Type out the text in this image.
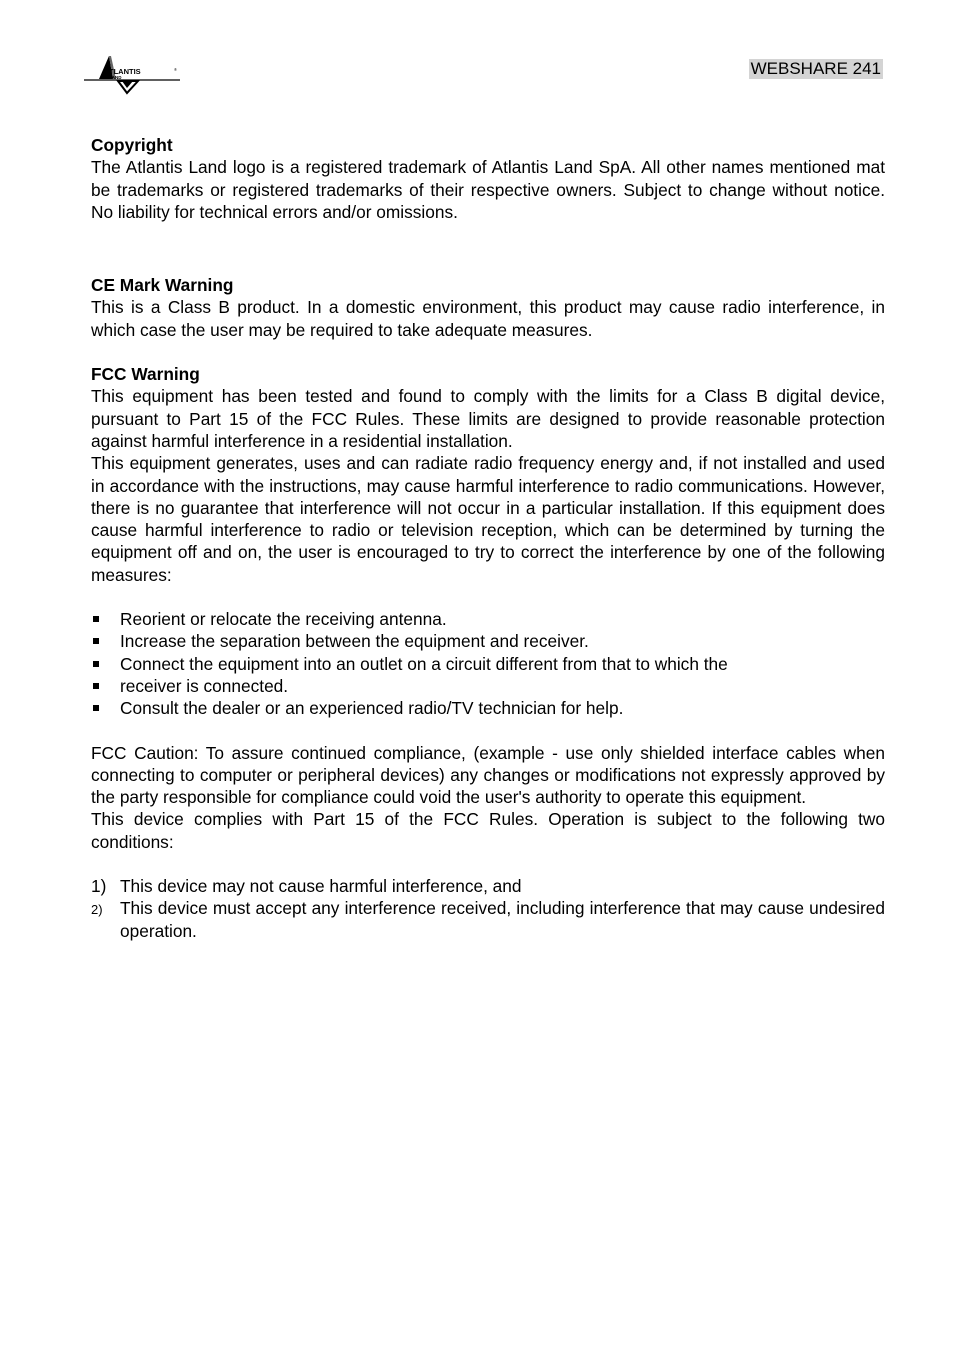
TLANTIS	®
LAND	WEBSHARE 241
Copyright

The Atlantis Land logo is a registered trademark of Atlantis Land SpA. All other names mentioned mat be trademarks or registered trademarks of their respective owners. Subject to change without notice. No liability for technical errors and/or omissions.

CE Mark Warning

This is a Class B product. In a domestic environment, this product may cause radio interference, in which case the user may be required to take adequate measures.

FCC Warning

This equipment has been tested and found to comply with the limits for a Class B digital device, pursuant to Part 15 of the FCC Rules. These limits are designed to provide reasonable protection against harmful interference in a residential installation.

This equipment generates, uses and can radiate radio frequency energy and, if not installed and used in accordance with the instructions, may cause harmful interference to radio communications. However, there is no guarantee that interference will not occur in a particular installation. If this equipment does cause harmful interference to radio or television reception, which can be determined by turning the equipment off and on, the user is encouraged to try to correct the interference by one of the following measures:

Reorient or relocate the receiving antenna.
Increase the separation between the equipment and receiver.
Connect the equipment into an outlet on a circuit different from that to which the
receiver is connected.
Consult the dealer or an experienced radio/TV technician for help.

FCC Caution: To assure continued compliance, (example - use only shielded interface cables when connecting to computer or peripheral devices) any changes or modifications not expressly approved by the party responsible for compliance could void the user's authority to operate this equipment.

This device complies with Part 15 of the FCC Rules. Operation is subject to the following two conditions:

1) This device may not cause harmful interference, and
2) This device must accept any interference received, including interference that may cause undesired operation.
